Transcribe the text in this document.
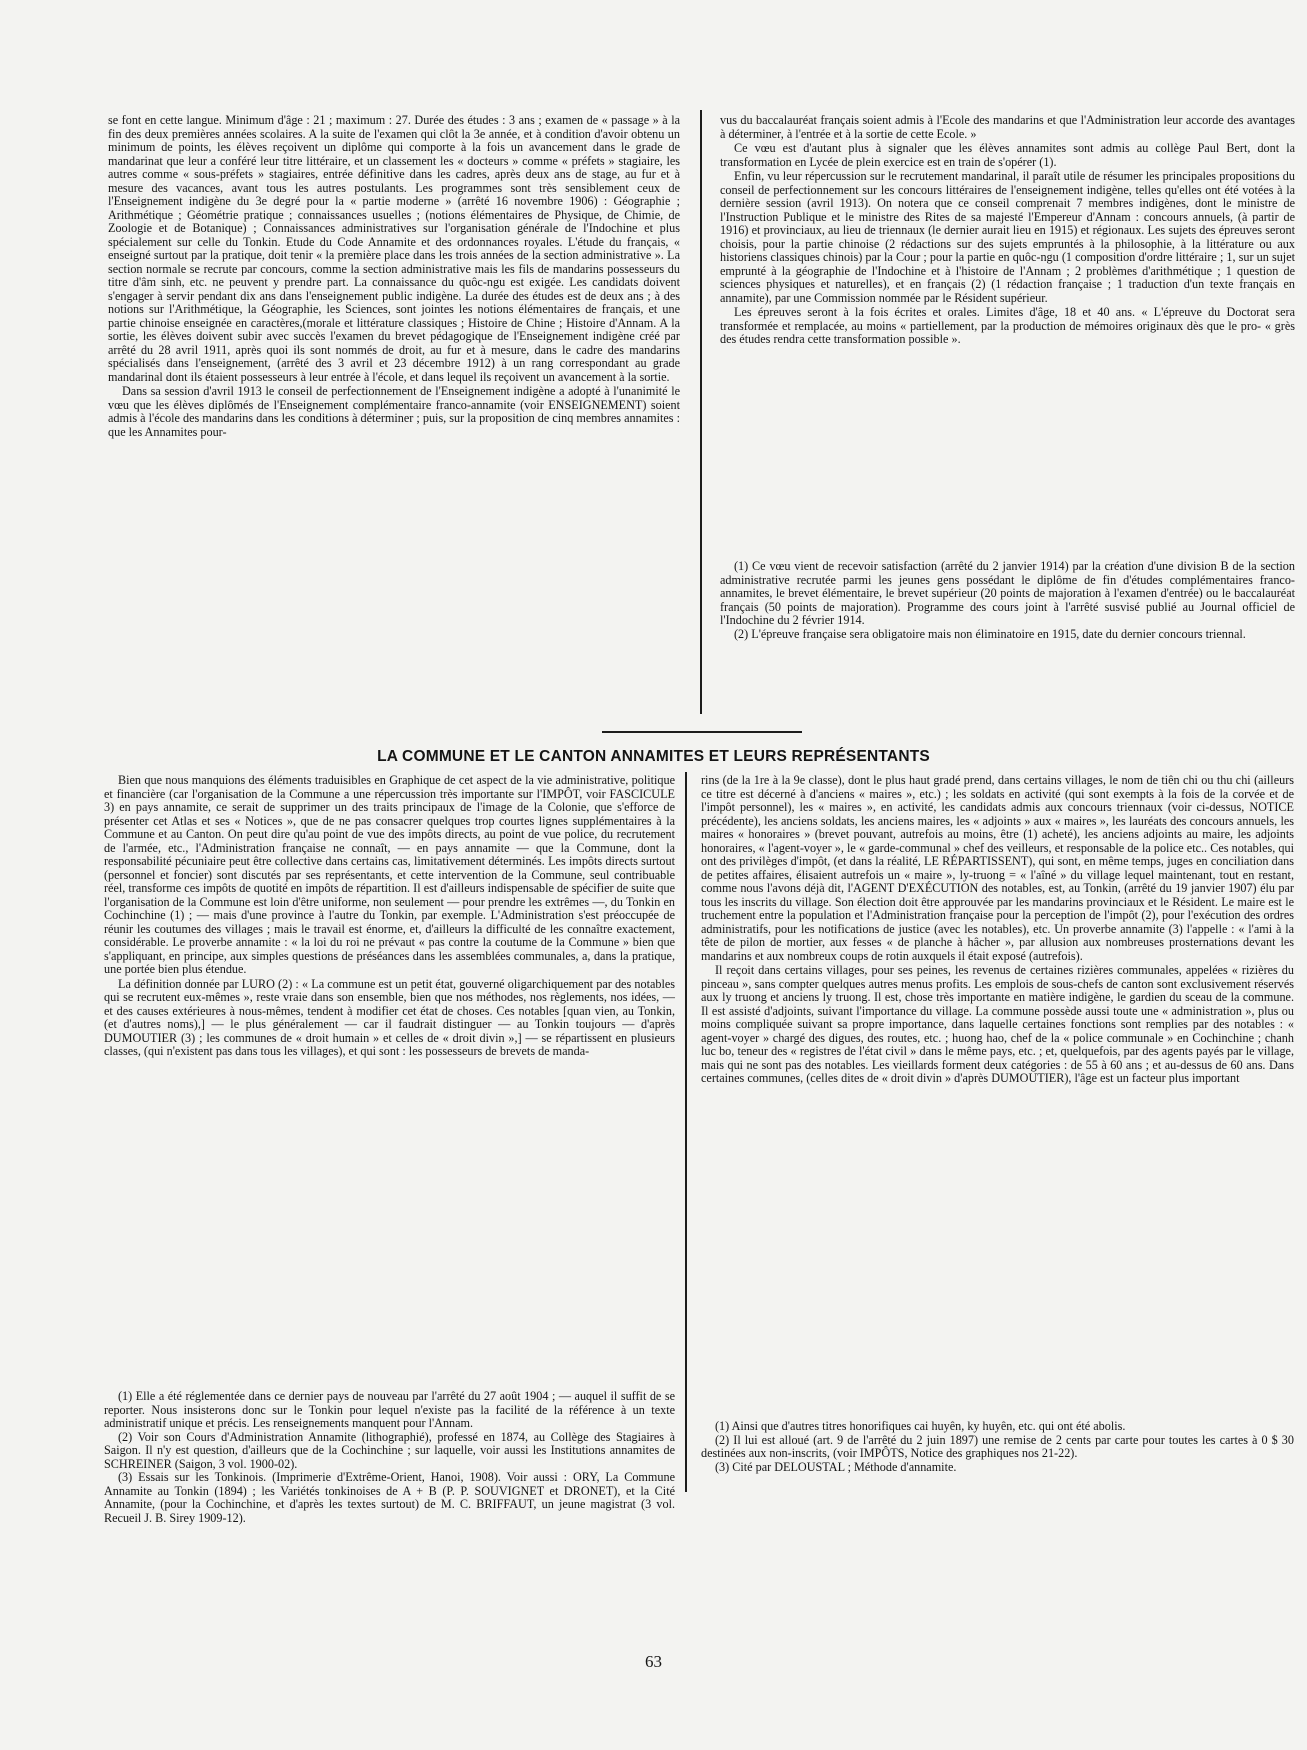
se font en cette langue. Minimum d'âge : 21 ; maximum : 27. Durée des études : 3 ans ; examen de « passage » à la fin des deux premières années scolaires. A la suite de l'examen qui clôt la 3e année, et à condition d'avoir obtenu un minimum de points, les élèves reçoivent un diplôme qui comporte à la fois un avancement dans le grade de mandarinat que leur a conféré leur titre littéraire, et un classement les « docteurs » comme « préfets » stagiaire, les autres comme « sous-préfets » stagiaires, entrée définitive dans les cadres, après deux ans de stage, au fur et à mesure des vacances, avant tous les autres postulants. Les programmes sont très sensiblement ceux de l'Enseignement indigène du 3e degré pour la « partie moderne » (arrêté 16 novembre 1906) : Géographie ; Arithmétique ; Géométrie pratique ; connaissances usuelles ; (notions élémentaires de Physique, de Chimie, de Zoologie et de Botanique) ; Connaissances administratives sur l'organisation générale de l'Indochine et plus spécialement sur celle du Tonkin. Etude du Code Annamite et des ordonnances royales. L'étude du français, « enseigné surtout par la pratique, doit tenir « la première place dans les trois années de la section administrative ». La section normale se recrute par concours, comme la section administrative mais les fils de mandarins possesseurs du titre d'âm sinh, etc. ne peuvent y prendre part. La connaissance du quôc-ngu est exigée. Les candidats doivent s'engager à servir pendant dix ans dans l'enseignement public indigène. La durée des études est de deux ans ; à des notions sur l'Arithmétique, la Géographie, les Sciences, sont jointes les notions élémentaires de français, et une partie chinoise enseignée en caractères,(morale et littérature classiques ; Histoire de Chine ; Histoire d'Annam. A la sortie, les élèves doivent subir avec succès l'examen du brevet pédagogique de l'Enseignement indigène créé par arrêté du 28 avril 1911, après quoi ils sont nommés de droit, au fur et à mesure, dans le cadre des mandarins spécialisés dans l'enseignement, (arrêté des 3 avril et 23 décembre 1912) à un rang correspondant au grade mandarinal dont ils étaient possesseurs à leur entrée à l'école, et dans lequel ils reçoivent un avancement à la sortie.

Dans sa session d'avril 1913 le conseil de perfectionnement de l'Enseignement indigène a adopté à l'unanimité le vœu que les élèves diplômés de l'Enseignement complémentaire franco-annamite (voir ENSEIGNEMENT) soient admis à l'école des mandarins dans les conditions à déterminer ; puis, sur la proposition de cinq membres annamites : que les Annamites pour-

vus du baccalauréat français soient admis à l'Ecole des mandarins et que l'Administration leur accorde des avantages à déterminer, à l'entrée et à la sortie de cette Ecole. »

Ce vœu est d'autant plus à signaler que les élèves annamites sont admis au collège Paul Bert, dont la transformation en Lycée de plein exercice est en train de s'opérer (1).

Enfin, vu leur répercussion sur le recrutement mandarinal, il paraît utile de résumer les principales propositions du conseil de perfectionnement sur les concours littéraires de l'enseignement indigène, telles qu'elles ont été votées à la dernière session (avril 1913). On notera que ce conseil comprenait 7 membres indigènes, dont le ministre de l'Instruction Publique et le ministre des Rites de sa majesté l'Empereur d'Annam : concours annuels, (à partir de 1916) et provinciaux, au lieu de triennaux (le dernier aurait lieu en 1915) et régionaux. Les sujets des épreuves seront choisis, pour la partie chinoise (2 rédactions sur des sujets empruntés à la philosophie, à la littérature ou aux historiens classiques chinois) par la Cour ; pour la partie en quôc-ngu (1 composition d'ordre littéraire ; 1, sur un sujet emprunté à la géographie de l'Indochine et à l'histoire de l'Annam ; 2 problèmes d'arithmétique ; 1 question de sciences physiques et naturelles), et en français (2) (1 rédaction française ; 1 traduction d'un texte français en annamite), par une Commission nommée par le Résident supérieur.

Les épreuves seront à la fois écrites et orales. Limites d'âge, 18 et 40 ans. « L'épreuve du Doctorat sera transformée et remplacée, au moins « partiellement, par la production de mémoires originaux dès que le pro- « grès des études rendra cette transformation possible ».

(1) Ce vœu vient de recevoir satisfaction (arrêté du 2 janvier 1914) par la création d'une division B de la section administrative recrutée parmi les jeunes gens possédant le diplôme de fin d'études complémentaires franco-annamites, le brevet élémentaire, le brevet supérieur (20 points de majoration à l'examen d'entrée) ou le baccalauréat français (50 points de majoration). Programme des cours joint à l'arrêté susvisé publié au Journal officiel de l'Indochine du 2 février 1914.

(2) L'épreuve française sera obligatoire mais non éliminatoire en 1915, date du dernier concours triennal.

LA COMMUNE ET LE CANTON ANNAMITES ET LEURS REPRÉSENTANTS

Bien que nous manquions des éléments traduisibles en Graphique de cet aspect de la vie administrative, politique et financière (car l'organisation de la Commune a une répercussion très importante sur l'IMPÔT, voir FASCICULE 3) en pays annamite, ce serait de supprimer un des traits principaux de l'image de la Colonie, que s'efforce de présenter cet Atlas et ses « Notices », que de ne pas consacrer quelques trop courtes lignes supplémentaires à la Commune et au Canton. On peut dire qu'au point de vue des impôts directs, au point de vue police, du recrutement de l'armée, etc., l'Administration française ne connaît, — en pays annamite — que la Commune, dont la responsabilité pécuniaire peut être collective dans certains cas, limitativement déterminés. Les impôts directs surtout (personnel et foncier) sont discutés par ses représentants, et cette intervention de la Commune, seul contribuable réel, transforme ces impôts de quotité en impôts de répartition. Il est d'ailleurs indispensable de spécifier de suite que l'organisation de la Commune est loin d'être uniforme, non seulement — pour prendre les extrêmes —, du Tonkin en Cochinchine (1) ; — mais d'une province à l'autre du Tonkin, par exemple. L'Administration s'est préoccupée de réunir les coutumes des villages ; mais le travail est énorme, et, d'ailleurs la difficulté de les connaître exactement, considérable. Le proverbe annamite : « la loi du roi ne prévaut « pas contre la coutume de la Commune » bien que s'appliquant, en principe, aux simples questions de préséances dans les assemblées communales, a, dans la pratique, une portée bien plus étendue.

La définition donnée par LURO (2) : « La commune est un petit état, gouverné oligarchiquement par des notables qui se recrutent eux-mêmes », reste vraie dans son ensemble, bien que nos méthodes, nos règlements, nos idées, — et des causes extérieures à nous-mêmes, tendent à modifier cet état de choses. Ces notables [quan vien, au Tonkin, (et d'autres noms),] — le plus généralement — car il faudrait distinguer — au Tonkin toujours — d'après DUMOUTIER (3) ; les communes de « droit humain » et celles de « droit divin »,] — se répartissent en plusieurs classes, (qui n'existent pas dans tous les villages), et qui sont : les possesseurs de brevets de manda-

rins (de la 1re à la 9e classe), dont le plus haut gradé prend, dans certains villages, le nom de tiên chi ou thu chi (ailleurs ce titre est décerné à d'anciens « maires », etc.) ; les soldats en activité (qui sont exempts à la fois de la corvée et de l'impôt personnel), les « maires », en activité, les candidats admis aux concours triennaux (voir ci-dessus, NOTICE précédente), les anciens soldats, les anciens maires, les « adjoints » aux « maires », les lauréats des concours annuels, les maires « honoraires » (brevet pouvant, autrefois au moins, être (1) acheté), les anciens adjoints au maire, les adjoints honoraires, « l'agent-voyer », le « garde-communal » chef des veilleurs, et responsable de la police etc.. Ces notables, qui ont des privilèges d'impôt, (et dans la réalité, LE RÉPARTISSENT), qui sont, en même temps, juges en conciliation dans de petites affaires, élisaient autrefois un « maire », ly-truong = « l'aîné » du village lequel maintenant, tout en restant, comme nous l'avons déjà dit, l'AGENT D'EXÉCUTION des notables, est, au Tonkin, (arrêté du 19 janvier 1907) élu par tous les inscrits du village. Son élection doit être approuvée par les mandarins provinciaux et le Résident. Le maire est le truchement entre la population et l'Administration française pour la perception de l'impôt (2), pour l'exécution des ordres administratifs, pour les notifications de justice (avec les notables), etc. Un proverbe annamite (3) l'appelle : « l'ami à la tête de pilon de mortier, aux fesses « de planche à hâcher », par allusion aux nombreuses prosternations devant les mandarins et aux nombreux coups de rotin auxquels il était exposé (autrefois).

Il reçoit dans certains villages, pour ses peines, les revenus de certaines rizières communales, appelées « rizières du pinceau », sans compter quelques autres menus profits. Les emplois de sous-chefs de canton sont exclusivement réservés aux ly truong et anciens ly truong. Il est, chose très importante en matière indigène, le gardien du sceau de la commune. Il est assisté d'adjoints, suivant l'importance du village. La commune possède aussi toute une « administration », plus ou moins compliquée suivant sa propre importance, dans laquelle certaines fonctions sont remplies par des notables : « agent-voyer » chargé des digues, des routes, etc. ; huong hao, chef de la « police communale » en Cochinchine ; chanh luc bo, teneur des « registres de l'état civil » dans le même pays, etc. ; et, quelquefois, par des agents payés par le village, mais qui ne sont pas des notables. Les vieillards forment deux catégories : de 55 à 60 ans ; et au-dessus de 60 ans. Dans certaines communes, (celles dites de « droit divin » d'après DUMOUTIER), l'âge est un facteur plus important

(1) Elle a été réglementée dans ce dernier pays de nouveau par l'arrêté du 27 août 1904 ; — auquel il suffit de se reporter. Nous insisterons donc sur le Tonkin pour lequel n'existe pas la facilité de la référence à un texte administratif unique et précis. Les renseignements manquent pour l'Annam.

(2) Voir son Cours d'Administration Annamite (lithographié), professé en 1874, au Collège des Stagiaires à Saigon. Il n'y est question, d'ailleurs que de la Cochinchine ; sur laquelle, voir aussi les Institutions annamites de SCHREINER (Saigon, 3 vol. 1900-02).

(3) Essais sur les Tonkinois. (Imprimerie d'Extrême-Orient, Hanoi, 1908). Voir aussi : ORY, La Commune Annamite au Tonkin (1894) ; les Variétés tonkinoises de A + B (P. P. SOUVIGNET et DRONET), et la Cité Annamite, (pour la Cochinchine, et d'après les textes surtout) de M. C. BRIFFAUT, un jeune magistrat (3 vol. Recueil J. B. Sirey 1909-12).

(1) Ainsi que d'autres titres honorifiques cai huyên, ky huyên, etc. qui ont été abolis.

(2) Il lui est alloué (art. 9 de l'arrêté du 2 juin 1897) une remise de 2 cents par carte pour toutes les cartes à 0 $ 30 destinées aux non-inscrits, (voir IMPÔTS, Notice des graphiques nos 21-22).

(3) Cité par DELOUSTAL ; Méthode d'annamite.

63
